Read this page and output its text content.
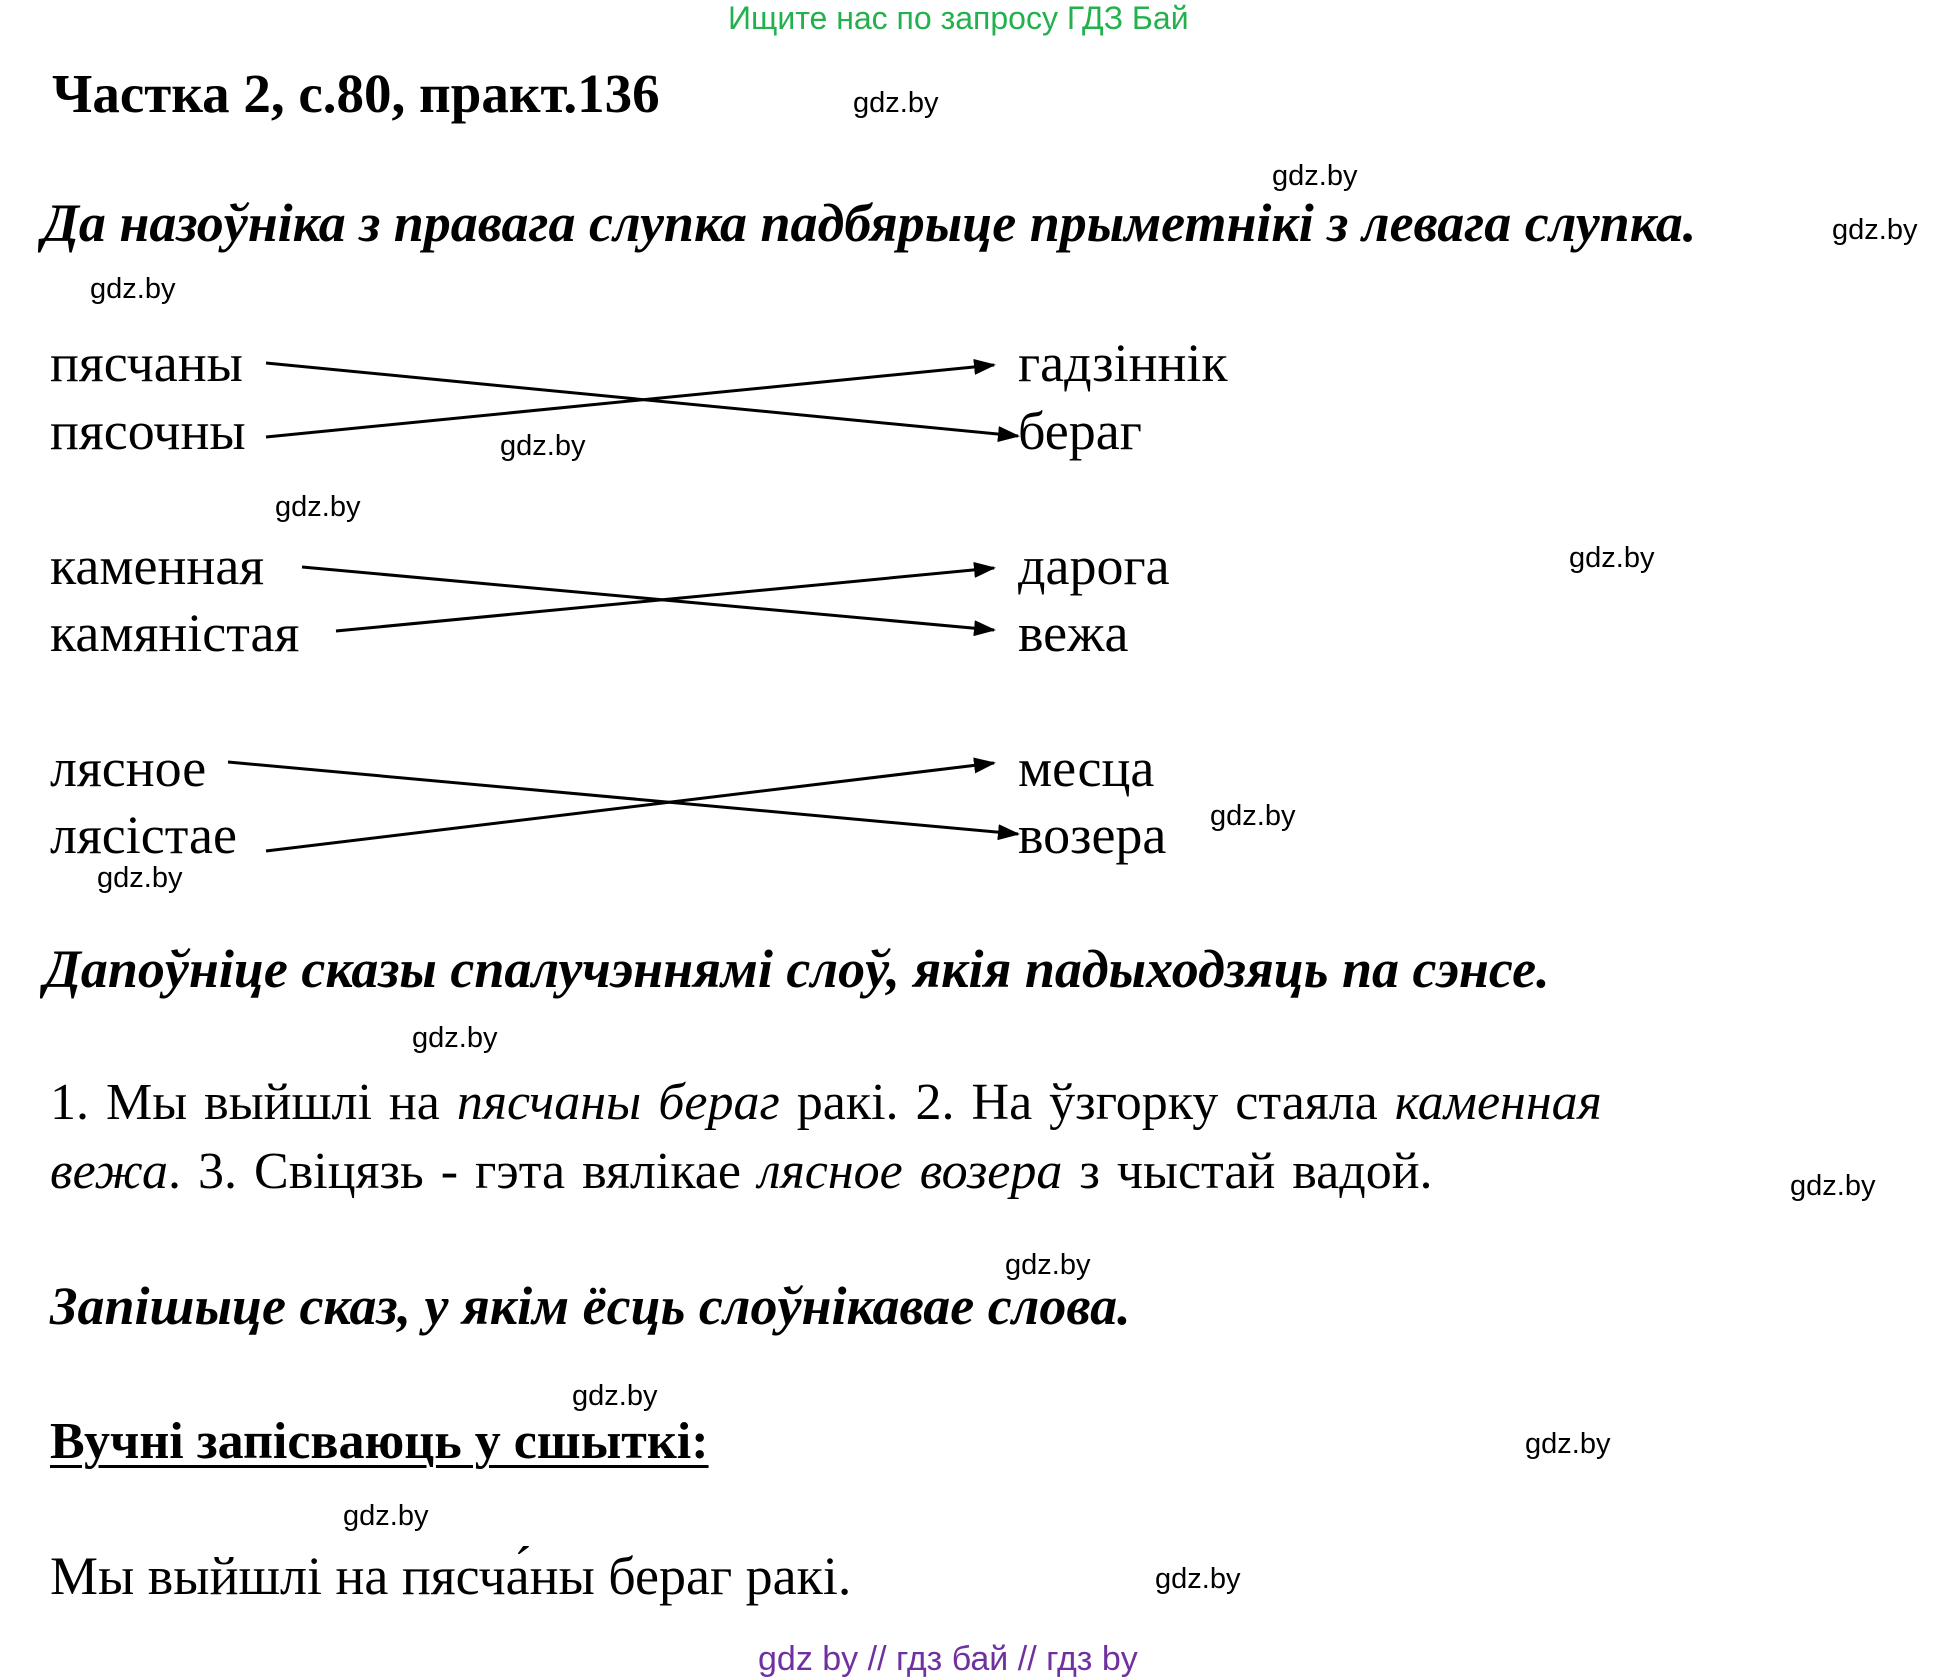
Ищите нас по запросу ГДЗ Бай
Частка 2, с.80, практ.136
Да назоўніка з правага слупка падбярыце прыметнікі з левага слупка.
пясчаны
пясочны
гадзіннік
бераг
каменная
камяністая
дарога
вежа
лясное
лясістае
месца
возера
Дапоўніце сказы спалучэннямі слоў, якія падыходзяць па сэнсе.
1. Мы выйшлі на пясчаны бераг ракі. 2. На ўзгорку стаяла каменная
вежа. 3. Свіцязь - гэта вялікае лясное возера з чыстай вадой.
Запішыце сказ, у якім ёсць слоўнікавае слова.
Вучні запісваюць у сшыткі:
Мы выйшлі на пясча́ны бераг ракі.
gdz.by
gdz.by
gdz.by
gdz.by
gdz.by
gdz.by
gdz.by
gdz.by
gdz.by
gdz.by
gdz.by
gdz.by
gdz.by
gdz.by
gdz.by
gdz.by
gdz by // гдз бай // гдз by
